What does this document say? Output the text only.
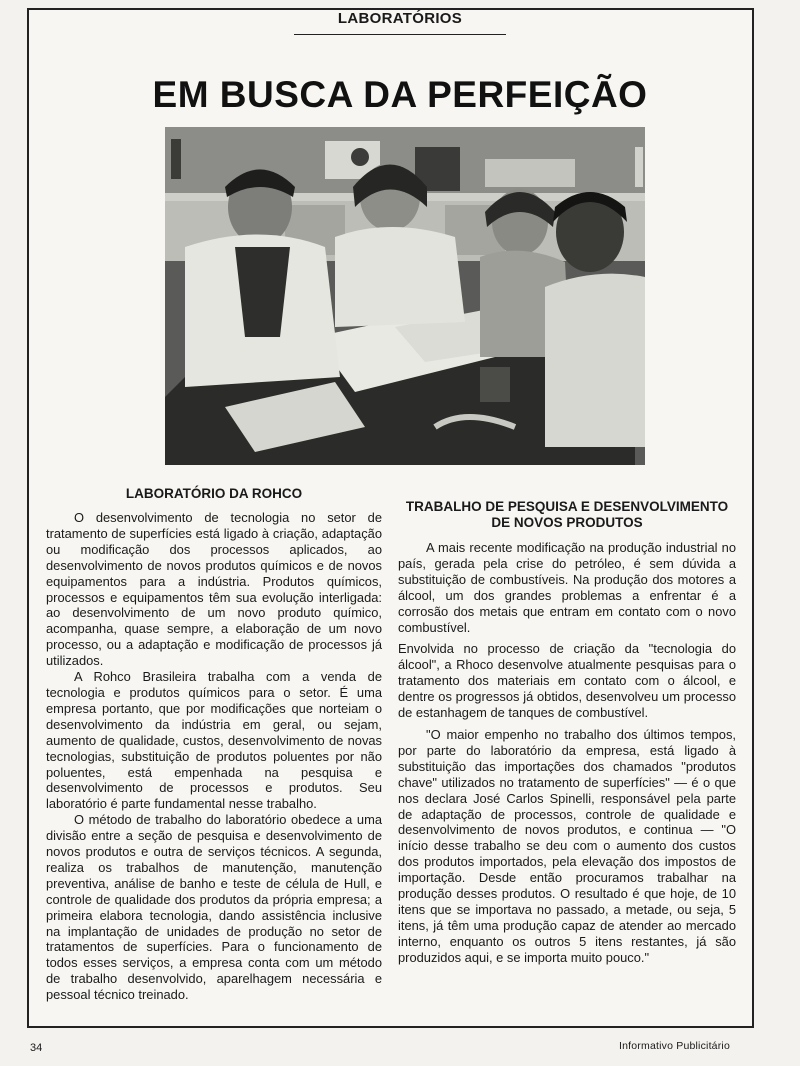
LABORATÓRIOS
EM BUSCA DA PERFEIÇÃO
LABORATÓRIO DA ROHCO

O desenvolvimento de tecnologia no setor de tratamento de superfícies está ligado à criação, adaptação ou modificação dos processos aplicados, ao desenvolvimento de novos produtos químicos e de novos equipamentos para a indústria. Produtos químicos, processos e equipamentos têm sua evolução interligada: ao desenvolvimento de um novo produto químico, acompanha, quase sempre, a elaboração de um novo processo, ou a adaptação e modificação de processos já utilizados.

A Rohco Brasileira trabalha com a venda de tecnologia e produtos químicos para o setor. É uma empresa portanto, que por modificações que norteiam o desenvolvimento da indústria em geral, ou sejam, aumento de qualidade, custos, desenvolvimento de novas tecnologias, substituição de produtos poluentes por não poluentes, está empenhada na pesquisa e desenvolvimento de processos e produtos. Seu laboratório é parte fundamental nesse trabalho.

O método de trabalho do laboratório obedece a uma divisão entre a seção de pesquisa e desenvolvimento de novos produtos e outra de serviços técnicos. A segunda, realiza os trabalhos de manutenção, manutenção preventiva, análise de banho e teste de célula de Hull, e controle de qualidade dos produtos da própria empresa; a primeira elabora tecnologia, dando assistência inclusive na implantação de unidades de produção no setor de tratamentos de superfícies. Para o funcionamento de todos esses serviços, a empresa conta com um método de trabalho desenvolvido, aparelhagem necessária e pessoal técnico treinado.

TRABALHO DE PESQUISA E DESENVOLVIMENTO DE NOVOS PRODUTOS

A mais recente modificação na produção industrial no país, gerada pela crise do petróleo, é sem dúvida a substituição de combustíveis. Na produção dos motores a álcool, um dos grandes problemas a enfrentar é a corrosão dos metais que entram em contato com o novo combustível.

Envolvida no processo de criação da "tecnologia do álcool", a Rhoco desenvolve atualmente pesquisas para o tratamento dos materiais em contato com o álcool, e dentre os progressos já obtidos, desenvolveu um processo de estanhagem de tanques de combustível.

"O maior empenho no trabalho dos últimos tempos, por parte do laboratório da empresa, está ligado à substituição das importações dos chamados "produtos chave" utilizados no tratamento de superfícies" — é o que nos declara José Carlos Spinelli, responsável pela parte de adaptação de processos, controle de qualidade e desenvolvimento de novos produtos, e continua — "O início desse trabalho se deu com o aumento dos custos dos produtos importados, pela elevação dos impostos de importação. Desde então procuramos trabalhar na produção desses produtos. O resultado é que hoje, de 10 itens que se importava no passado, a metade, ou seja, 5 itens, já têm uma produção capaz de atender ao mercado interno, enquanto os outros 5 itens restantes, já são produzidos aqui, e se importa muito pouco."

34	Informativo Publicitário
